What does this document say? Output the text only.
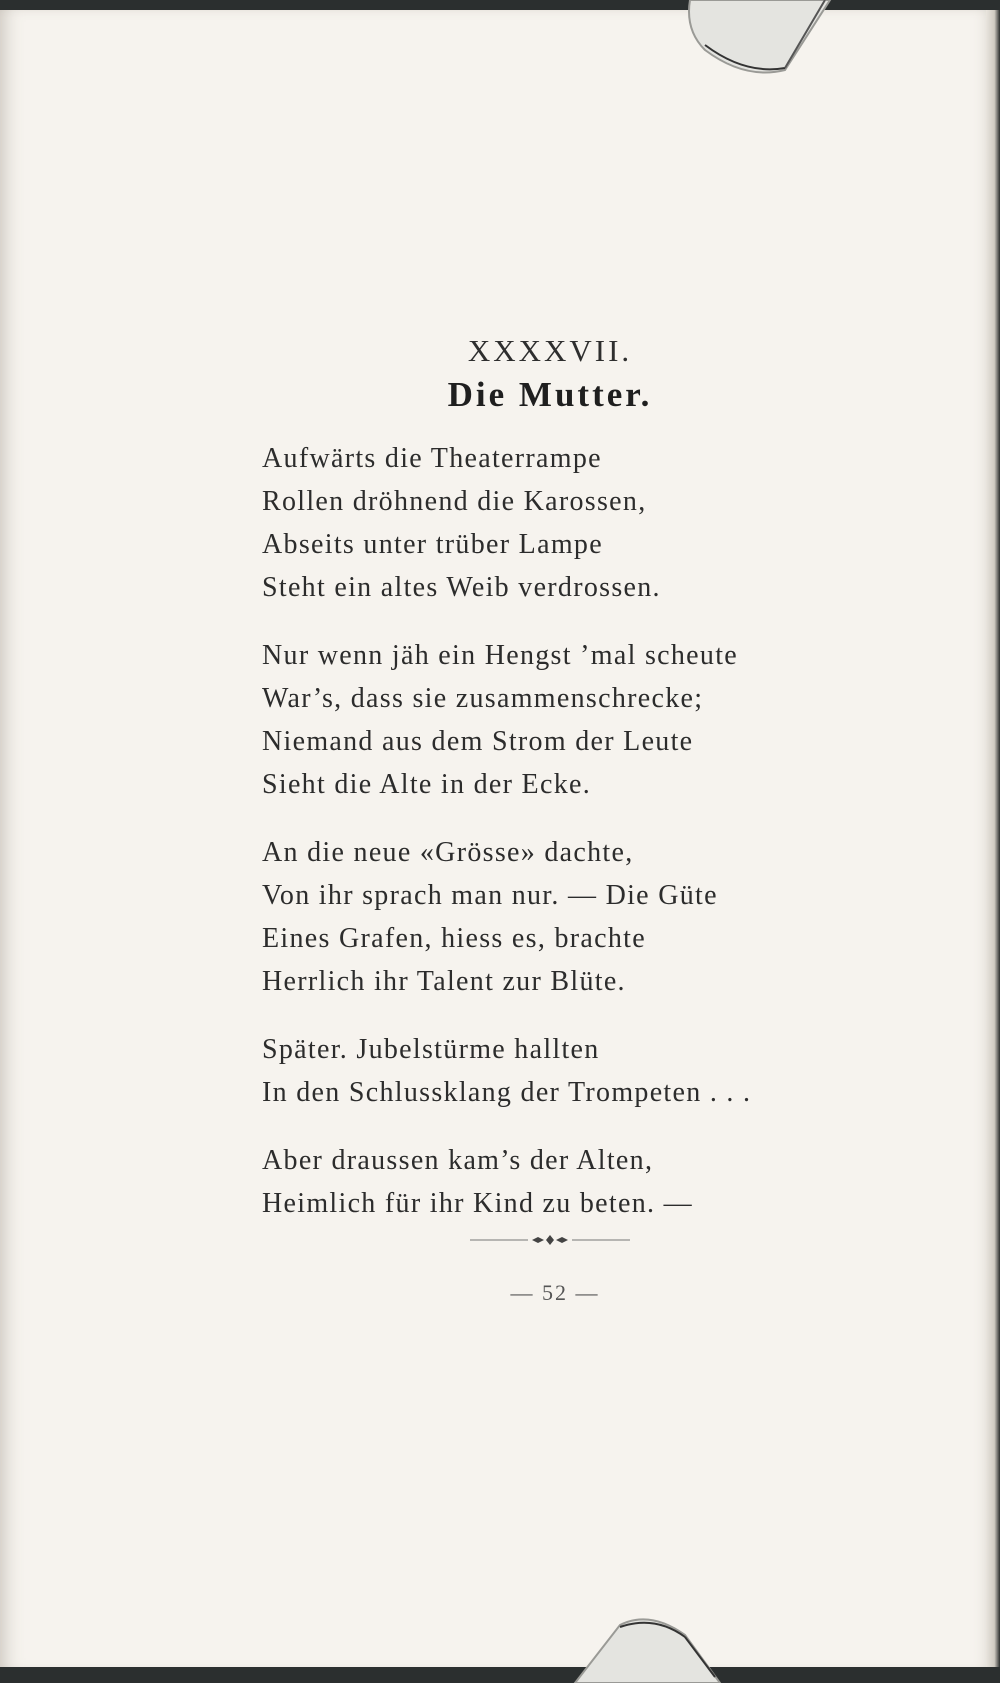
XXXXVII.
Die Mutter.
Aufwärts die Theaterrampe
Rollen dröhnend die Karossen,
Abseits unter trüber Lampe
Steht ein altes Weib verdrossen.
Nur wenn jäh ein Hengst ’mal scheute
War’s, dass sie zusammenschrecke;
Niemand aus dem Strom der Leute
Sieht die Alte in der Ecke.
An die neue «Grösse» dachte,
Von ihr sprach man nur. — Die Güte
Eines Grafen, hiess es, brachte
Herrlich ihr Talent zur Blüte.
Später. Jubelstürme hallten
In den Schlussklang der Trompeten . . .
Aber draussen kam’s der Alten,
Heimlich für ihr Kind zu beten. —
— 52 —
